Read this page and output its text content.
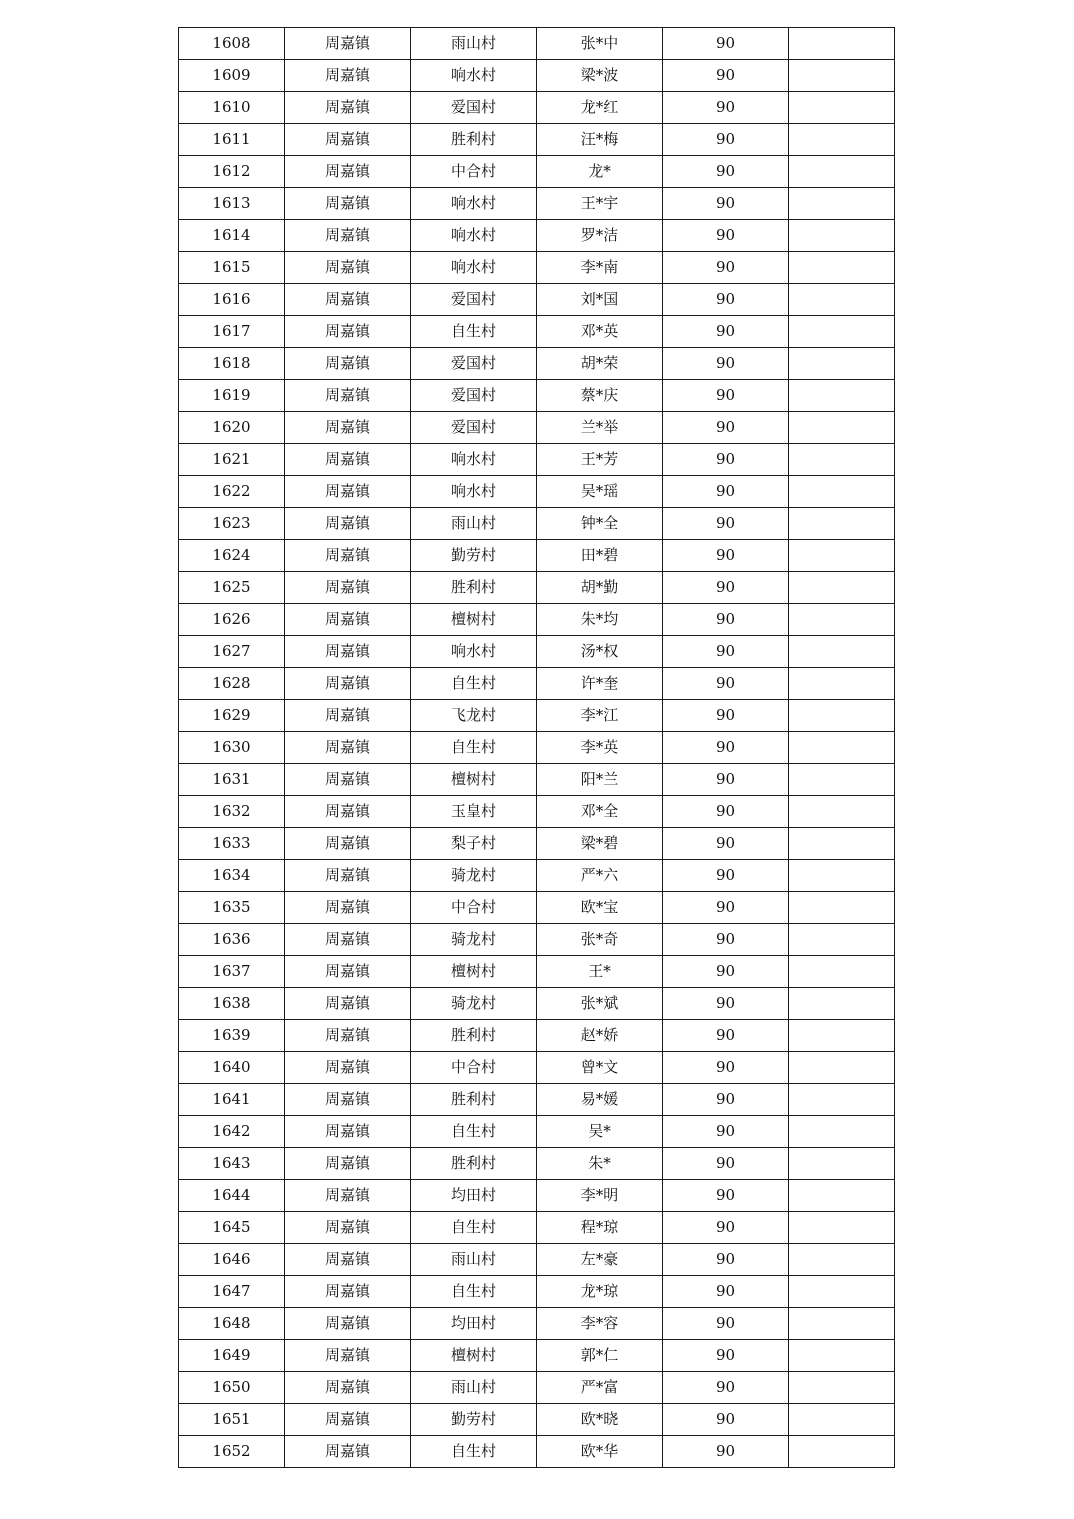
1608	周嘉镇	雨山村	张*中	90	
1609	周嘉镇	响水村	梁*波	90	
1610	周嘉镇	爱国村	龙*红	90	
1611	周嘉镇	胜利村	汪*梅	90	
1612	周嘉镇	中合村	龙*	90	
1613	周嘉镇	响水村	王*宇	90	
1614	周嘉镇	响水村	罗*洁	90	
1615	周嘉镇	响水村	李*南	90	
1616	周嘉镇	爱国村	刘*国	90	
1617	周嘉镇	自生村	邓*英	90	
1618	周嘉镇	爱国村	胡*荣	90	
1619	周嘉镇	爱国村	蔡*庆	90	
1620	周嘉镇	爱国村	兰*举	90	
1621	周嘉镇	响水村	王*芳	90	
1622	周嘉镇	响水村	吴*瑶	90	
1623	周嘉镇	雨山村	钟*全	90	
1624	周嘉镇	勤劳村	田*碧	90	
1625	周嘉镇	胜利村	胡*勤	90	
1626	周嘉镇	檀树村	朱*均	90	
1627	周嘉镇	响水村	汤*权	90	
1628	周嘉镇	自生村	许*奎	90	
1629	周嘉镇	飞龙村	李*江	90	
1630	周嘉镇	自生村	李*英	90	
1631	周嘉镇	檀树村	阳*兰	90	
1632	周嘉镇	玉皇村	邓*全	90	
1633	周嘉镇	梨子村	梁*碧	90	
1634	周嘉镇	骑龙村	严*六	90	
1635	周嘉镇	中合村	欧*宝	90	
1636	周嘉镇	骑龙村	张*奇	90	
1637	周嘉镇	檀树村	王*	90	
1638	周嘉镇	骑龙村	张*斌	90	
1639	周嘉镇	胜利村	赵*娇	90	
1640	周嘉镇	中合村	曾*文	90	
1641	周嘉镇	胜利村	易*媛	90	
1642	周嘉镇	自生村	吴*	90	
1643	周嘉镇	胜利村	朱*	90	
1644	周嘉镇	均田村	李*明	90	
1645	周嘉镇	自生村	程*琼	90	
1646	周嘉镇	雨山村	左*豪	90	
1647	周嘉镇	自生村	龙*琼	90	
1648	周嘉镇	均田村	李*容	90	
1649	周嘉镇	檀树村	郭*仁	90	
1650	周嘉镇	雨山村	严*富	90	
1651	周嘉镇	勤劳村	欧*晓	90	
1652	周嘉镇	自生村	欧*华	90	
